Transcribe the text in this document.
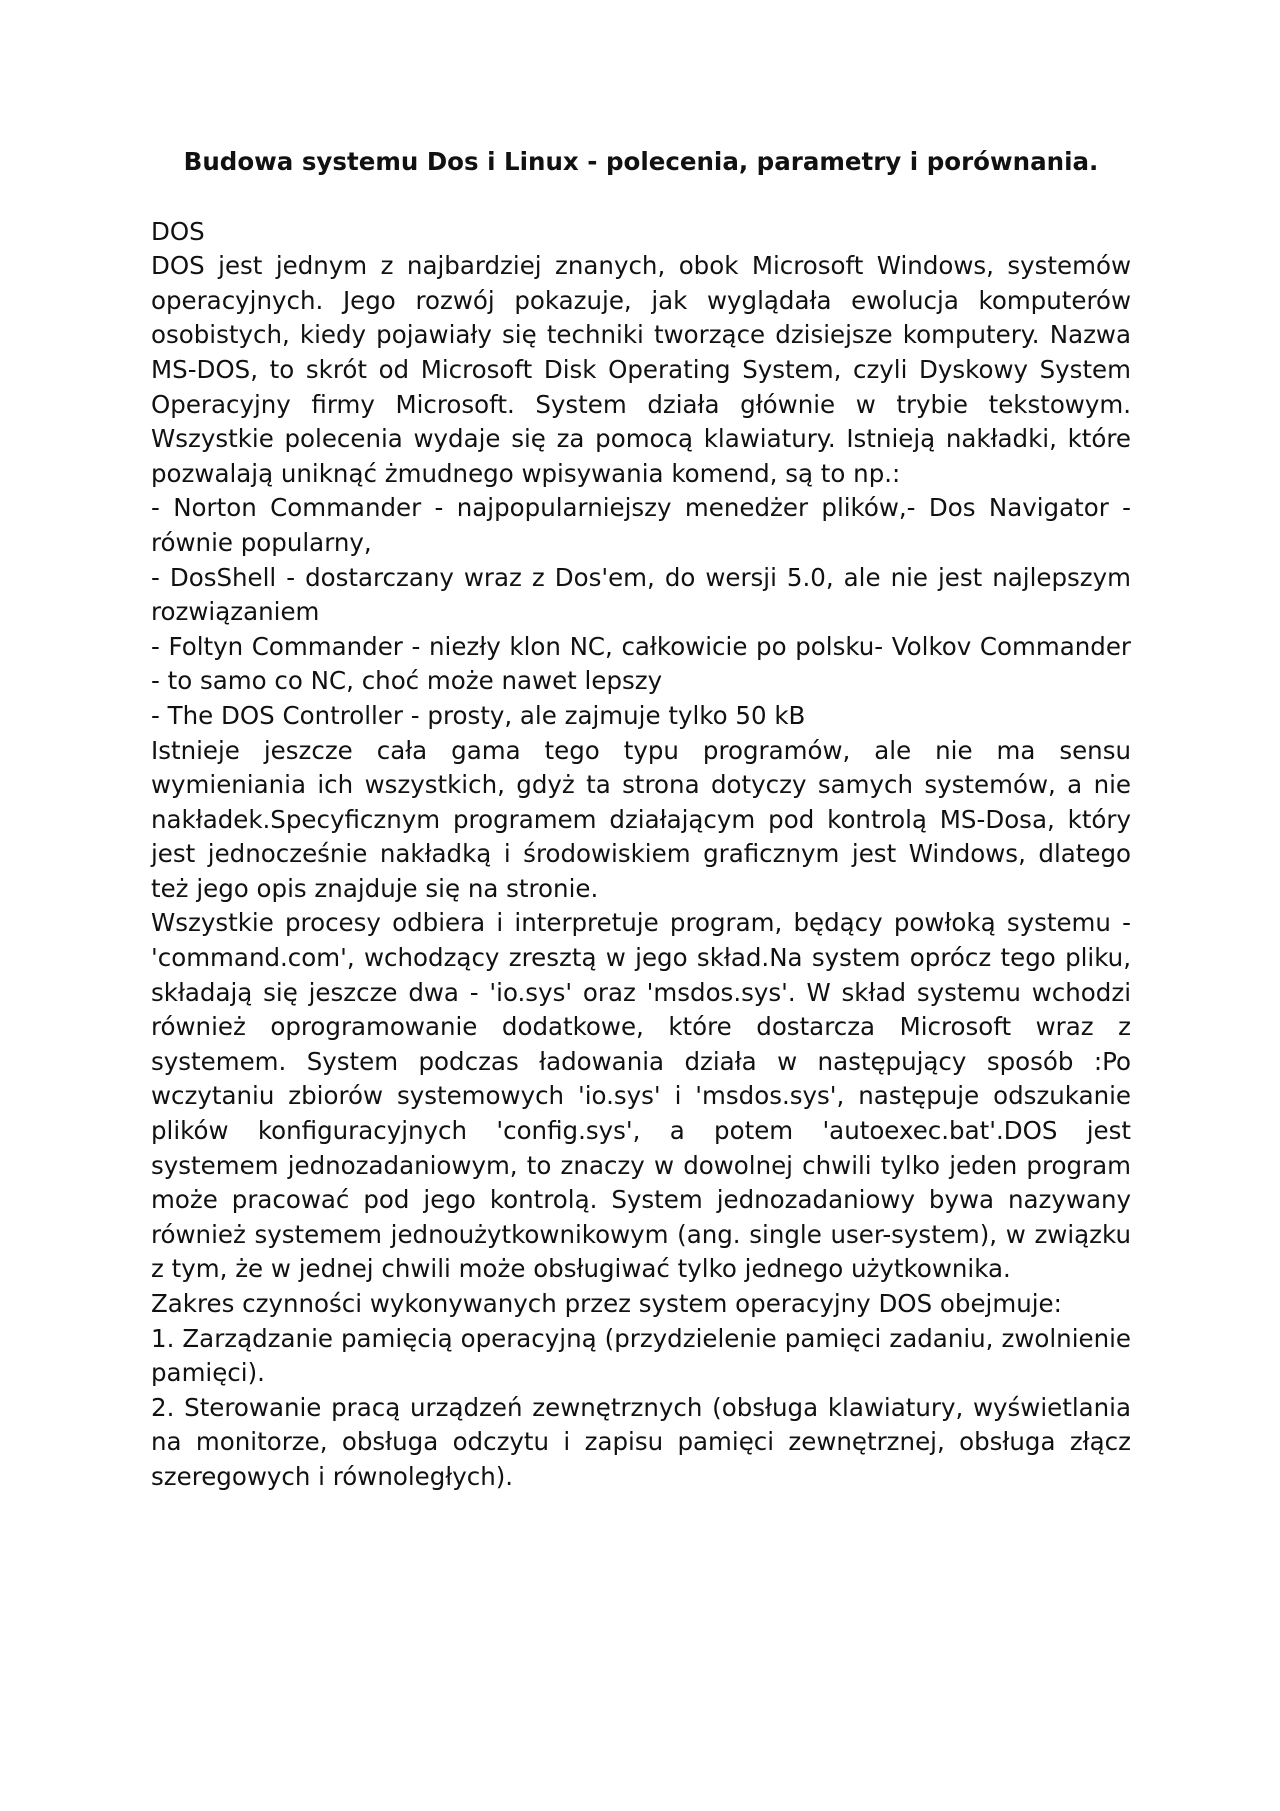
Budowa systemu Dos i Linux - polecenia, parametry i porównania.

DOS

DOS jest jednym z najbardziej znanych, obok Microsoft Windows, systemów operacyjnych. Jego rozwój pokazuje, jak wyglądała ewolucja komputerów osobistych, kiedy pojawiały się techniki tworzące dzisiejsze komputery. Nazwa MS-DOS, to skrót od Microsoft Disk Operating System, czyli Dyskowy System Operacyjny firmy Microsoft. System działa głównie w trybie tekstowym. Wszystkie polecenia wydaje się za pomocą klawiatury. Istnieją nakładki, które pozwalają uniknąć żmudnego wpisywania komend, są to np.:

- Norton Commander - najpopularniejszy menedżer plików,- Dos Navigator - równie popularny,

- DosShell - dostarczany wraz z Dos'em, do wersji 5.0, ale nie jest najlepszym rozwiązaniem

- Foltyn Commander - niezły klon NC, całkowicie po polsku- Volkov Commander - to samo co NC, choć może nawet lepszy

- The DOS Controller - prosty, ale zajmuje tylko 50 kB

Istnieje jeszcze cała gama tego typu programów, ale nie ma sensu wymieniania ich wszystkich, gdyż ta strona dotyczy samych systemów, a nie nakładek.Specyficznym programem działającym pod kontrolą MS-Dosa, który jest jednocześnie nakładką i środowiskiem graficznym jest Windows, dlatego też jego opis znajduje się na stronie.

Wszystkie procesy odbiera i interpretuje program, będący powłoką systemu - 'command.com', wchodzący zresztą w jego skład.Na system oprócz tego pliku, składają się jeszcze dwa - 'io.sys' oraz 'msdos.sys'. W skład systemu wchodzi również oprogramowanie dodatkowe, które dostarcza Microsoft wraz z systemem. System podczas ładowania działa w następujący sposób :Po wczytaniu zbiorów systemowych 'io.sys' i 'msdos.sys', następuje odszukanie plików konfiguracyjnych 'config.sys', a potem 'autoexec.bat'.DOS jest systemem jednozadaniowym, to znaczy w dowolnej chwili tylko jeden program może pracować pod jego kontrolą. System jednozadaniowy bywa nazywany również systemem jednoużytkownikowym (ang. single user-system), w związku z tym, że w jednej chwili może obsługiwać tylko jednego użytkownika.

Zakres czynności wykonywanych przez system operacyjny DOS obejmuje:

1. Zarządzanie pamięcią operacyjną (przydzielenie pamięci zadaniu, zwolnienie pamięci).

2. Sterowanie pracą urządzeń zewnętrznych (obsługa klawiatury, wyświetlania na monitorze, obsługa odczytu i zapisu pamięci zewnętrznej, obsługa złącz szeregowych i równoległych).
